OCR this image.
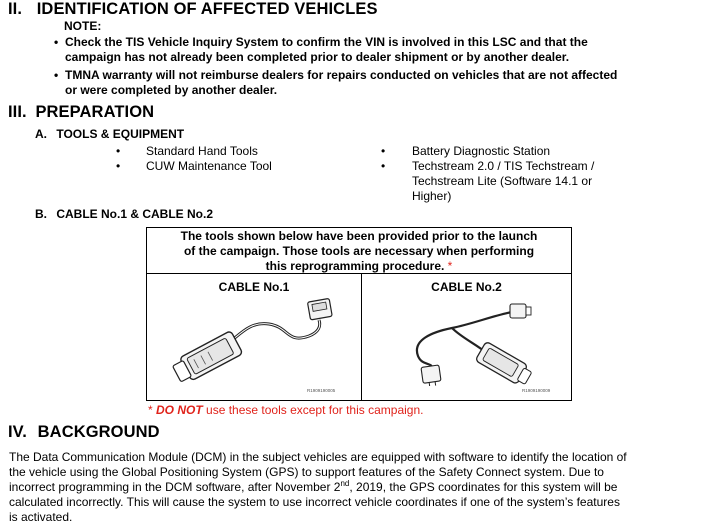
II. IDENTIFICATION OF AFFECTED VEHICLES
NOTE:
• Check the TIS Vehicle Inquiry System to confirm the VIN is involved in this LSC and that the
campaign has not already been completed prior to dealer shipment or by another dealer.
• TMNA warranty will not reimburse dealers for repairs conducted on vehicles that are not affected
or were completed by another dealer.
III. PREPARATION
A. TOOLS & EQUIPMENT
• Standard Hand Tools
• CUW Maintenance Tool
• Battery Diagnostic Station
• Techstream 2.0 / TIS Techstream /
Techstream Lite (Software 14.1 or
Higher)
B. CABLE No.1 & CABLE No.2
The tools shown below have been provided prior to the launch
of the campaign. Those tools are necessary when performing
this reprogramming procedure. *
CABLE No.1
R1909190005
CABLE No.2
R1909190009
* DO NOT use these tools except for this campaign.
IV. BACKGROUND
The Data Communication Module (DCM) in the subject vehicles are equipped with software to identify the location of
the vehicle using the Global Positioning System (GPS) to support features of the Safety Connect system. Due to
incorrect programming in the DCM software, after November 2nd, 2019, the GPS coordinates for this system will be
calculated incorrectly. This will cause the system to use incorrect vehicle coordinates if one of the system’s features
is activated.
